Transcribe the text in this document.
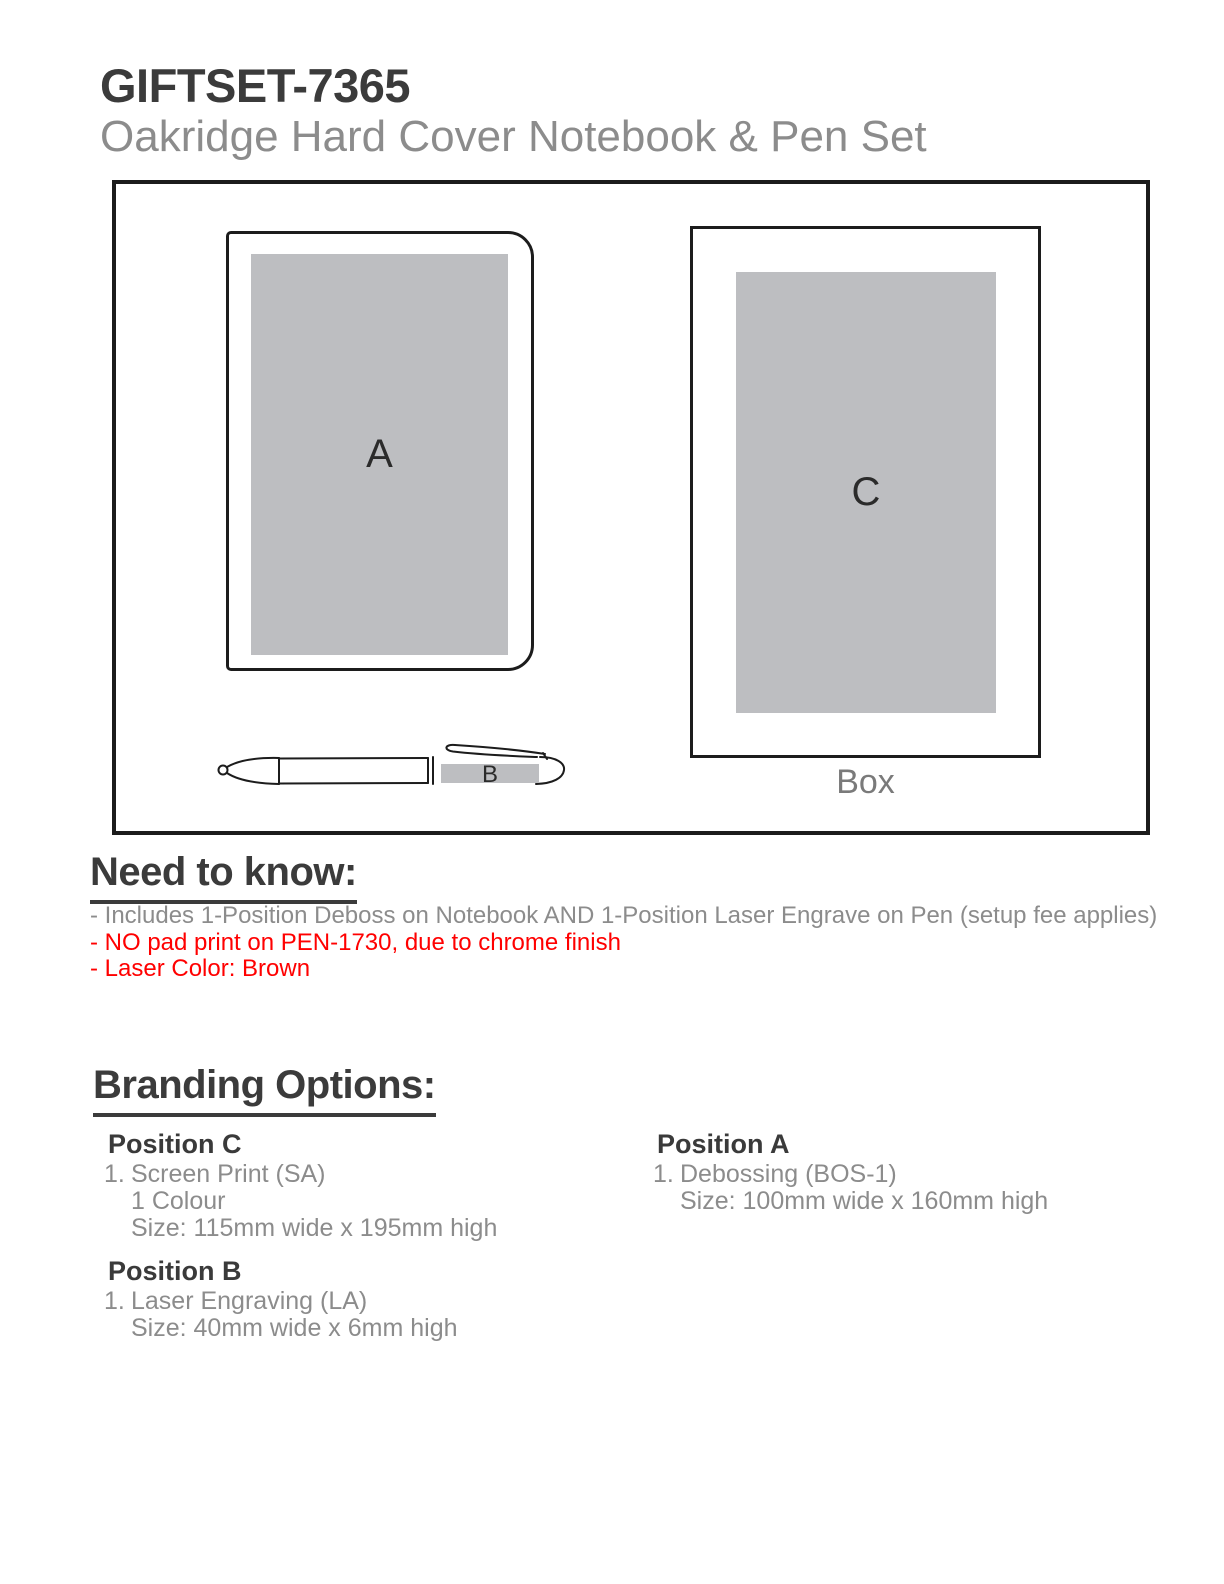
GIFTSET-7365
Oakridge Hard Cover Notebook & Pen Set
A
B
C
Box
Need to know:
- Includes 1-Position Deboss on Notebook AND 1-Position Laser Engrave on Pen (setup fee applies)
- NO pad print on PEN-1730, due to chrome finish
- Laser Color: Brown
Branding Options:
Position C
1. Screen Print (SA)
1 Colour
Size: 115mm wide x 195mm high
Position A
1. Debossing (BOS-1)
Size: 100mm wide x 160mm high
Position B
1. Laser Engraving (LA)
Size: 40mm wide x 6mm high
